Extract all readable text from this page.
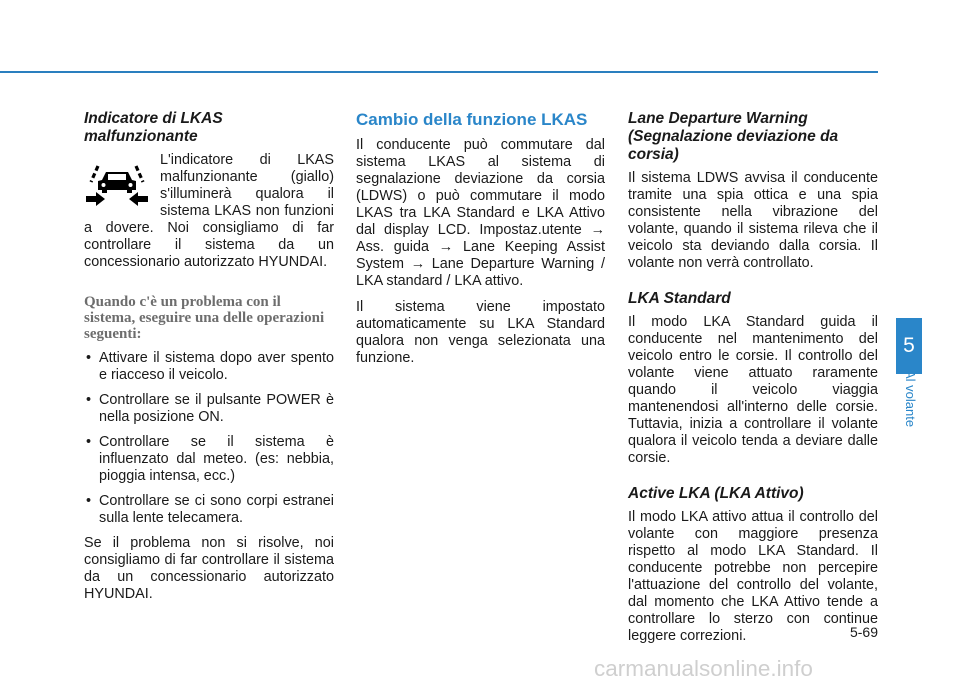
Indicatore di LKAS malfunzionante

L'indicatore di LKAS malfunzionante (giallo) s'illuminerà qualora il sistema LKAS non funzioni a dovere. Noi consigliamo di far controllare il sistema da un concessionario autorizzato HYUNDAI.

Quando c'è un problema con il sistema, eseguire una delle operazioni seguenti:
• Attivare il sistema dopo aver spento e riacceso il veicolo.
• Controllare se il pulsante POWER è nella posizione ON.
• Controllare se il sistema è influenzato dal meteo. (es: nebbia, pioggia intensa, ecc.)
• Controllare se ci sono corpi estranei sulla lente telecamera.

Se il problema non si risolve, noi consigliamo di far controllare il sistema da un concessionario autorizzato HYUNDAI.

Cambio della funzione LKAS

Il conducente può commutare dal sistema LKAS al sistema di segnalazione deviazione da corsia (LDWS) o può commutare il modo LKAS tra LKA Standard e LKA Attivo dal display LCD. Impostaz.utente → Ass. guida → Lane Keeping Assist System → Lane Departure Warning / LKA standard / LKA attivo.

Il sistema viene impostato automaticamente su LKA Standard qualora non venga selezionata una funzione.

Lane Departure Warning (Segnalazione deviazione da corsia)

Il sistema LDWS avvisa il conducente tramite una spia ottica e una spia consistente nella vibrazione del volante, quando il sistema rileva che il veicolo sta deviando dalla corsia. Il volante non verrà controllato.

LKA Standard

Il modo LKA Standard guida il conducente nel mantenimento del veicolo entro le corsie. Il controllo del volante viene attuato raramente quando il veicolo viaggia mantenendosi all'interno delle corsie. Tuttavia, inizia a controllare il volante qualora il veicolo tenda a deviare dalle corsie.

Active LKA (LKA Attivo)

Il modo LKA attivo attua il controllo del volante con maggiore presenza rispetto al modo LKA Standard. Il conducente potrebbe non percepire l'attuazione del controllo del volante, dal momento che LKA Attivo tende a controllare lo sterzo con continue leggere correzioni.

5
Al volante
5-69
carmanualsonline.info
